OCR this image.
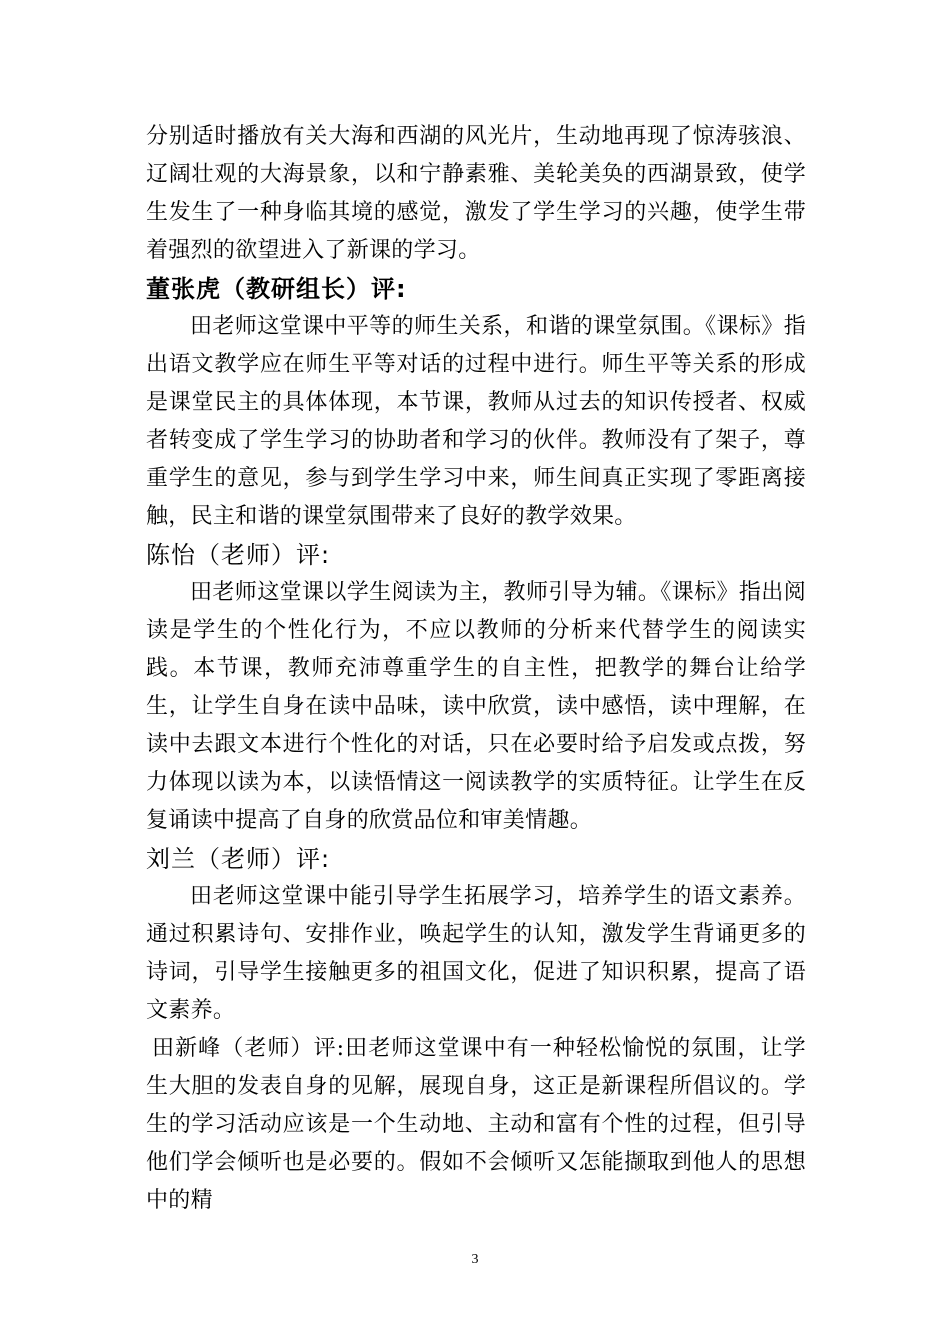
分别适时播放有关大海和西湖的风光片，生动地再现了惊涛骇浪、辽阔壮观的大海景象，以和宁静素雅、美轮美奂的西湖景致，使学生发生了一种身临其境的感觉，激发了学生学习的兴趣，使学生带着强烈的欲望进入了新课的学习。

董张虎（教研组长）评:

田老师这堂课中平等的师生关系，和谐的课堂氛围。《课标》指出语文教学应在师生平等对话的过程中进行。师生平等关系的形成是课堂民主的具体体现，本节课，教师从过去的知识传授者、权威者转变成了学生学习的协助者和学习的伙伴。教师没有了架子，尊重学生的意见，参与到学生学习中来，师生间真正实现了零距离接触，民主和谐的课堂氛围带来了良好的教学效果。

陈怡（老师）评:

田老师这堂课以学生阅读为主，教师引导为辅。《课标》指出阅读是学生的个性化行为，不应以教师的分析来代替学生的阅读实践。本节课，教师充沛尊重学生的自主性，把教学的舞台让给学生，让学生自身在读中品味，读中欣赏，读中感悟，读中理解，在读中去跟文本进行个性化的对话，只在必要时给予启发或点拨，努力体现以读为本，以读悟情这一阅读教学的实质特征。让学生在反复诵读中提高了自身的欣赏品位和审美情趣。

刘兰（老师）评:

田老师这堂课中能引导学生拓展学习，培养学生的语文素养。通过积累诗句、安排作业，唤起学生的认知，激发学生背诵更多的诗词，引导学生接触更多的祖国文化，促进了知识积累，提高了语文素养。

田新峰（老师）评:田老师这堂课中有一种轻松愉悦的氛围，让学生大胆的发表自身的见解，展现自身，这正是新课程所倡议的。学生的学习活动应该是一个生动地、主动和富有个性的过程，但引导他们学会倾听也是必要的。假如不会倾听又怎能撷取到他人的思想中的精

3
